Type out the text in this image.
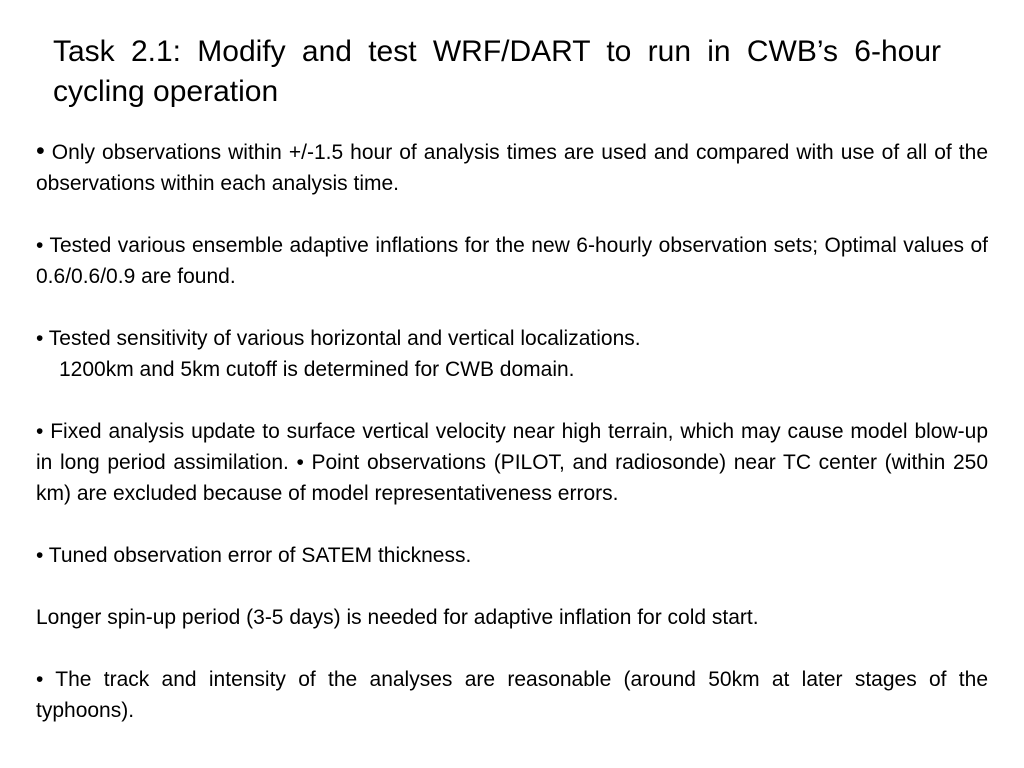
Task 2.1: Modify and test WRF/DART to run in CWB’s 6-hour cycling operation

• Only observations within +/-1.5 hour of analysis times are used and compared with use of all of the observations within each analysis time.

• Tested various ensemble adaptive inflations for the new 6-hourly observation sets; Optimal values of 0.6/0.6/0.9 are found.

• Tested sensitivity of various horizontal and vertical localizations.
1200km and 5km cutoff is determined for CWB domain.

• Fixed analysis update to surface vertical velocity near high terrain, which may cause model blow-up in long period assimilation. • Point observations (PILOT, and radiosonde) near TC center (within 250 km) are excluded because of model representativeness errors.

• Tuned observation error of SATEM thickness.

Longer spin-up period (3-5 days) is needed for adaptive inflation for cold start.

• The track and intensity of the analyses are reasonable (around 50km at later stages of the typhoons).
